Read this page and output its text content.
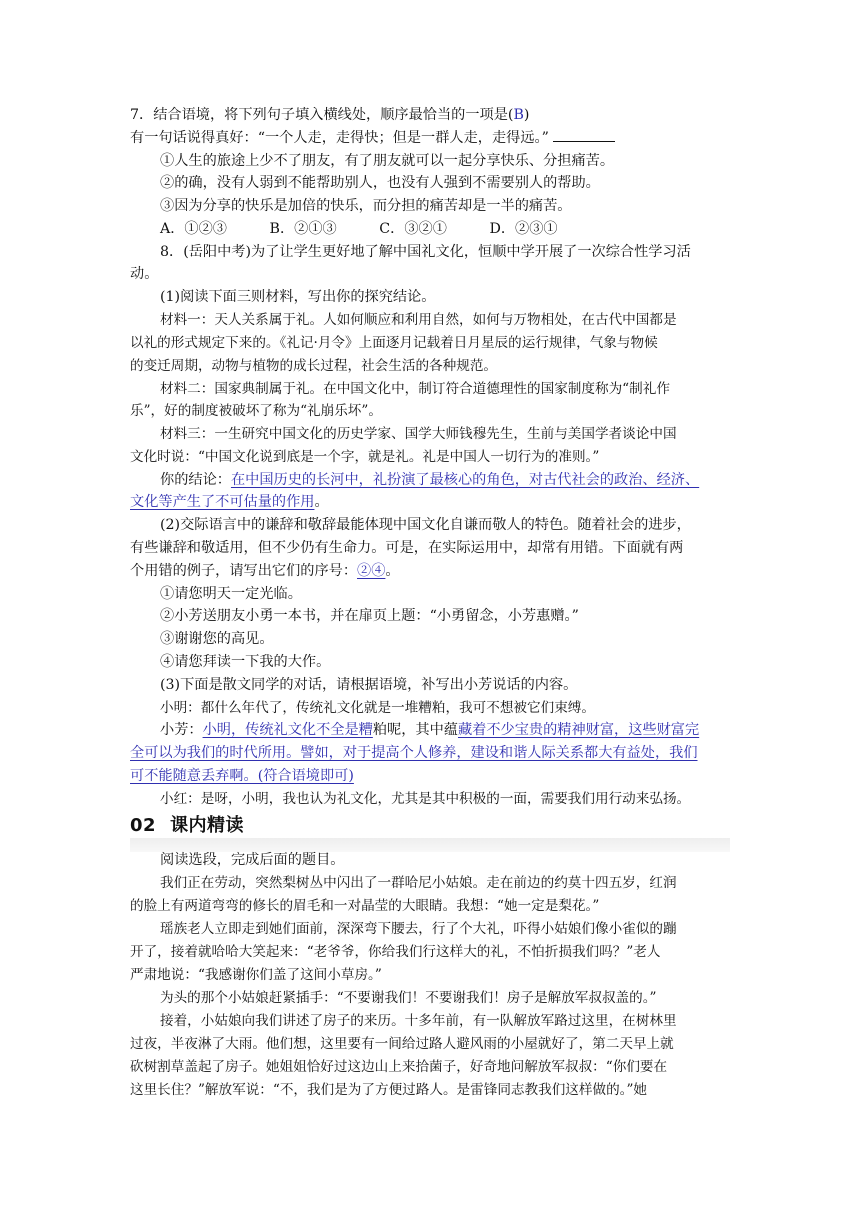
7．结合语境，将下列句子填入横线处，顺序最恰当的一项是(B)
有一句话说得真好：“一个人走，走得快；但是一群人走，走得远。”
①人生的旅途上少不了朋友，有了朋友就可以一起分享快乐、分担痛苦。
②的确，没有人弱到不能帮助别人，也没有人强到不需要别人的帮助。
③因为分享的快乐是加倍的快乐，而分担的痛苦却是一半的痛苦。
A．①②③　　　B．②①③　　　C．③②①　　　D．②③①
8．(岳阳中考)为了让学生更好地了解中国礼文化，恒顺中学开展了一次综合性学习活
动。
(1)阅读下面三则材料，写出你的探究结论。
材料一：天人关系属于礼。人如何顺应和利用自然，如何与万物相处，在古代中国都是
以礼的形式规定下来的。《礼记·月令》上面逐月记载着日月星辰的运行规律，气象与物候
的变迁周期，动物与植物的成长过程，社会生活的各种规范。
材料二：国家典制属于礼。在中国文化中，制订符合道德理性的国家制度称为“制礼作
乐”，好的制度被破坏了称为“礼崩乐坏”。
材料三：一生研究中国文化的历史学家、国学大师钱穆先生，生前与美国学者谈论中国
文化时说：“中国文化说到底是一个字，就是礼。礼是中国人一切行为的准则。”
你的结论：在中国历史的长河中，礼扮演了最核心的角色，对古代社会的政治、经济、
文化等产生了不可估量的作用。
(2)交际语言中的谦辞和敬辞最能体现中国文化自谦而敬人的特色。随着社会的进步，
有些谦辞和敬适用，但不少仍有生命力。可是，在实际运用中，却常有用错。下面就有两
个用错的例子，请写出它们的序号：②④。
①请您明天一定光临。
②小芳送朋友小勇一本书，并在扉页上题：“小勇留念，小芳惠赠。”
③谢谢您的高见。
④请您拜读一下我的大作。
(3)下面是散文同学的对话，请根据语境，补写出小芳说话的内容。
小明：都什么年代了，传统礼文化就是一堆糟粕，我可不想被它们束缚。
小芳：小明，传统礼文化不全是糟粕呢，其中蕴藏着不少宝贵的精神财富，这些财富完
全可以为我们的时代所用。譬如，对于提高个人修养，建设和谐人际关系都大有益处，我们
可不能随意丢弃啊。(符合语境即可)
小红：是呀，小明，我也认为礼文化，尤其是其中积极的一面，需要我们用行动来弘扬。
02 课内精读
阅读选段，完成后面的题目。
我们正在劳动，突然梨树丛中闪出了一群哈尼小姑娘。走在前边的约莫十四五岁，红润
的脸上有两道弯弯的修长的眉毛和一对晶莹的大眼睛。我想：“她一定是梨花。”
瑶族老人立即走到她们面前，深深弯下腰去，行了个大礼，吓得小姑娘们像小雀似的蹦
开了，接着就哈哈大笑起来：“老爷爷，你给我们行这样大的礼，不怕折损我们吗？”老人
严肃地说：“我感谢你们盖了这间小草房。”
为头的那个小姑娘赶紧插手：“不要谢我们！不要谢我们！房子是解放军叔叔盖的。”
接着，小姑娘向我们讲述了房子的来历。十多年前，有一队解放军路过这里，在树林里
过夜，半夜淋了大雨。他们想，这里要有一间给过路人避风雨的小屋就好了，第二天早上就
砍树割草盖起了房子。她姐姐恰好过这边山上来拾菌子，好奇地问解放军叔叔：“你们要在
这里长住？”解放军说：“不，我们是为了方便过路人。是雷锋同志教我们这样做的。”她
